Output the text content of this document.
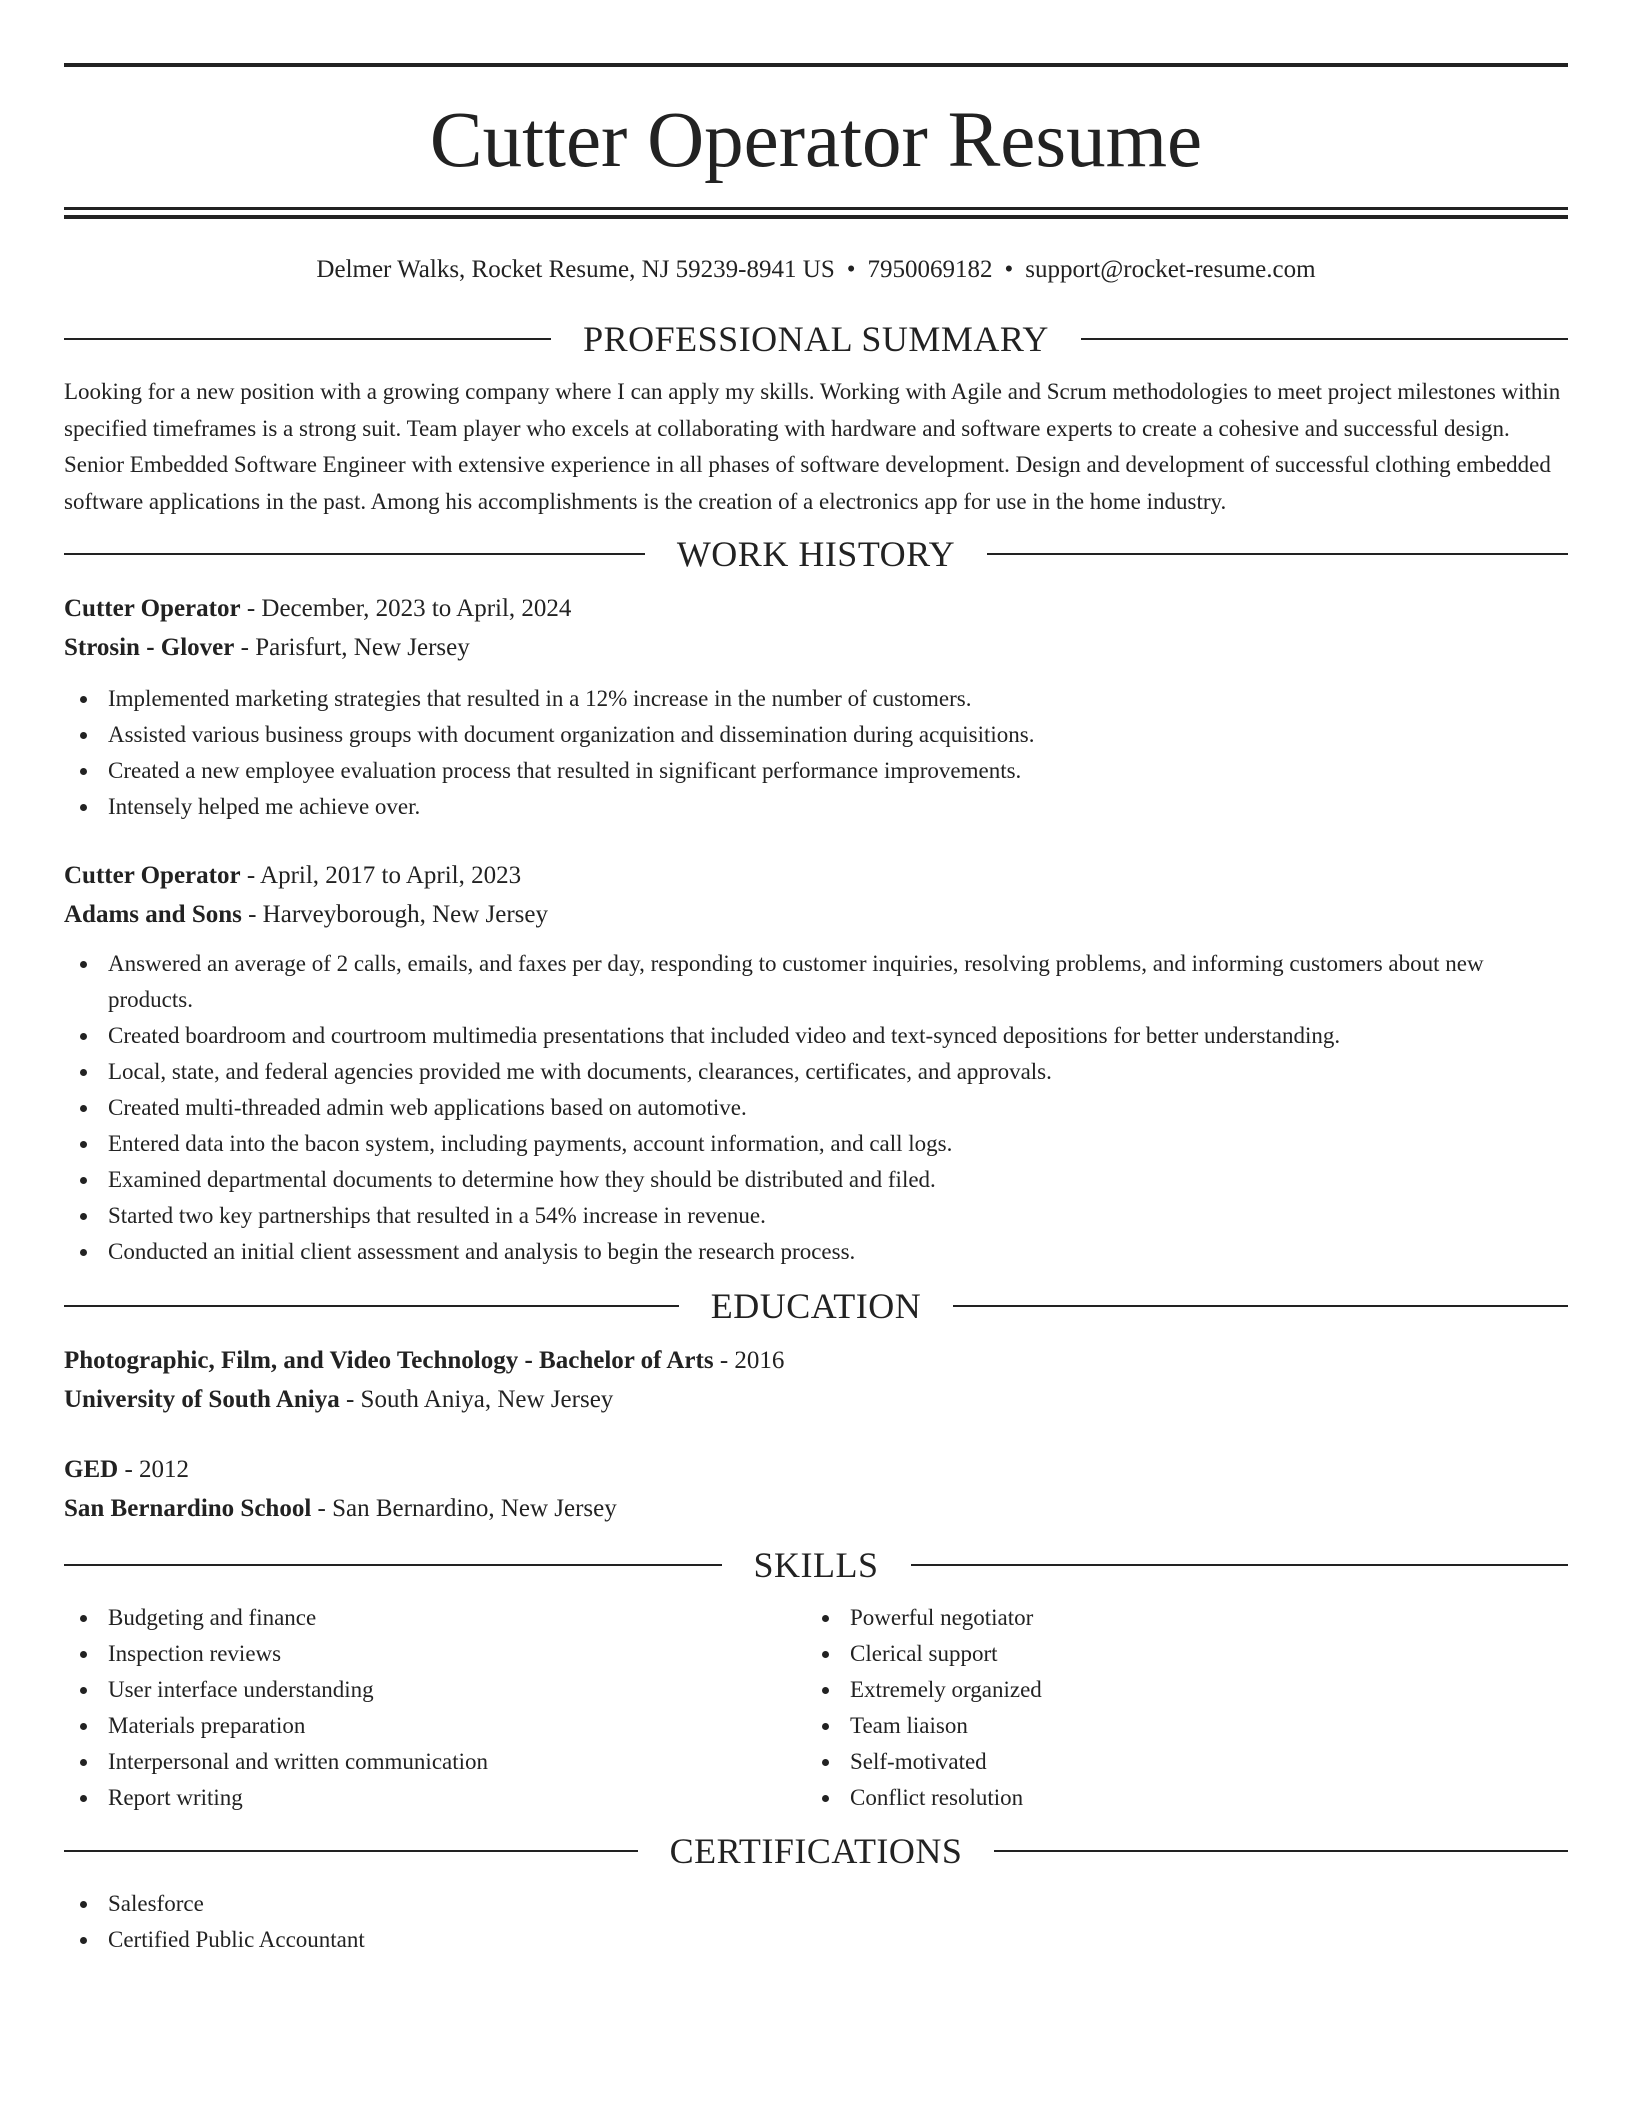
Cutter Operator Resume
Delmer Walks, Rocket Resume, NJ 59239-8941 US • 7950069182 • support@rocket-resume.com
PROFESSIONAL SUMMARY
Looking for a new position with a growing company where I can apply my skills. Working with Agile and Scrum methodologies to meet project milestones within specified timeframes is a strong suit. Team player who excels at collaborating with hardware and software experts to create a cohesive and successful design. Senior Embedded Software Engineer with extensive experience in all phases of software development. Design and development of successful clothing embedded software applications in the past. Among his accomplishments is the creation of a electronics app for use in the home industry.
WORK HISTORY
Cutter Operator - December, 2023 to April, 2024
Strosin - Glover - Parisfurt, New Jersey
Implemented marketing strategies that resulted in a 12% increase in the number of customers.
Assisted various business groups with document organization and dissemination during acquisitions.
Created a new employee evaluation process that resulted in significant performance improvements.
Intensely helped me achieve over.
Cutter Operator - April, 2017 to April, 2023
Adams and Sons - Harveyborough, New Jersey
Answered an average of 2 calls, emails, and faxes per day, responding to customer inquiries, resolving problems, and informing customers about new products.
Created boardroom and courtroom multimedia presentations that included video and text-synced depositions for better understanding.
Local, state, and federal agencies provided me with documents, clearances, certificates, and approvals.
Created multi-threaded admin web applications based on automotive.
Entered data into the bacon system, including payments, account information, and call logs.
Examined departmental documents to determine how they should be distributed and filed.
Started two key partnerships that resulted in a 54% increase in revenue.
Conducted an initial client assessment and analysis to begin the research process.
EDUCATION
Photographic, Film, and Video Technology - Bachelor of Arts - 2016
University of South Aniya - South Aniya, New Jersey
GED - 2012
San Bernardino School - San Bernardino, New Jersey
SKILLS
Budgeting and finance
Inspection reviews
User interface understanding
Materials preparation
Interpersonal and written communication
Report writing
Powerful negotiator
Clerical support
Extremely organized
Team liaison
Self-motivated
Conflict resolution
CERTIFICATIONS
Salesforce
Certified Public Accountant
